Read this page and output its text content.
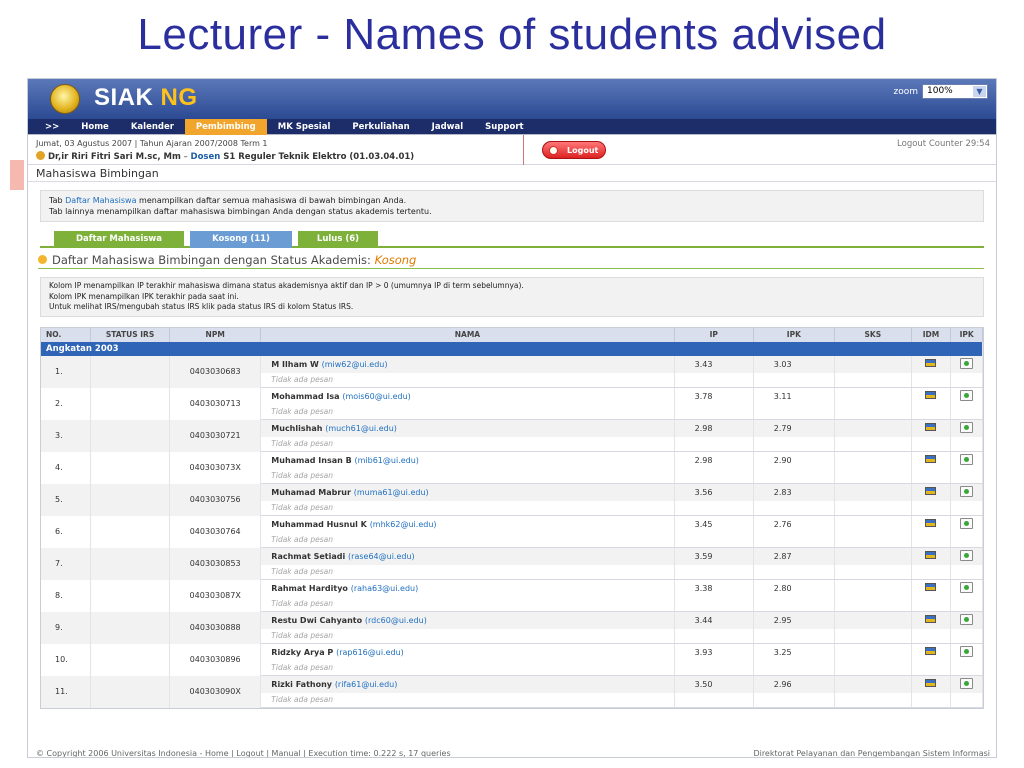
Lecturer - Names of students advised
SIAK NG	zoom	100%	▼
>>	Home	Kalender	Pembimbing	MK Spesial	Perkuliahan	Jadwal	Support
Jumat, 03 Agustus 2007 | Tahun Ajaran 2007/2008 Term 1
Dr,ir Riri Fitri Sari M.sc, Mm – Dosen S1 Reguler Teknik Elektro (01.03.04.01)
Logout
Logout Counter 29:54
Mahasiswa Bimbingan
Tab Daftar Mahasiswa menampilkan daftar semua mahasiswa di bawah bimbingan Anda.
Tab lainnya menampilkan daftar mahasiswa bimbingan Anda dengan status akademis tertentu.
Daftar Mahasiswa	Kosong (11)	Lulus (6)
Daftar Mahasiswa Bimbingan dengan Status Akademis: Kosong
Kolom IP menampilkan IP terakhir mahasiswa dimana status akademisnya aktif dan IP > 0 (umumnya IP di term sebelumnya).
Kolom IPK menampilkan IPK terakhir pada saat ini.
Untuk melihat IRS/mengubah status IRS klik pada status IRS di kolom Status IRS.
NO.	STATUS IRS	NPM	NAMA	IP	IPK	SKS	IDM	IPK
Angkatan 2003								
1.		0403030683	M Ilham W (miw62@ui.edu)	3.43	3.03			
			Tidak ada pesan					
2.		0403030713	Mohammad Isa (mois60@ui.edu)	3.78	3.11			
			Tidak ada pesan					
3.		0403030721	Muchlishah (much61@ui.edu)	2.98	2.79			
			Tidak ada pesan					
4.		040303073X	Muhamad Insan B (mib61@ui.edu)	2.98	2.90			
			Tidak ada pesan					
5.		0403030756	Muhamad Mabrur (muma61@ui.edu)	3.56	2.83			
			Tidak ada pesan					
6.		0403030764	Muhammad Husnul K (mhk62@ui.edu)	3.45	2.76			
			Tidak ada pesan					
7.		0403030853	Rachmat Setiadi (rase64@ui.edu)	3.59	2.87			
			Tidak ada pesan					
8.		040303087X	Rahmat Hardityo (raha63@ui.edu)	3.38	2.80			
			Tidak ada pesan					
9.		0403030888	Restu Dwi Cahyanto (rdc60@ui.edu)	3.44	2.95			
			Tidak ada pesan					
10.		0403030896	Ridzky Arya P (rap616@ui.edu)	3.93	3.25			
			Tidak ada pesan					
11.		040303090X	Rizki Fathony (rifa61@ui.edu)	3.50	2.96			
			Tidak ada pesan					
© Copyright 2006 Universitas Indonesia - Home | Logout | Manual | Execution time: 0.222 s, 17 queries	Direktorat Pelayanan dan Pengembangan Sistem Informasi
